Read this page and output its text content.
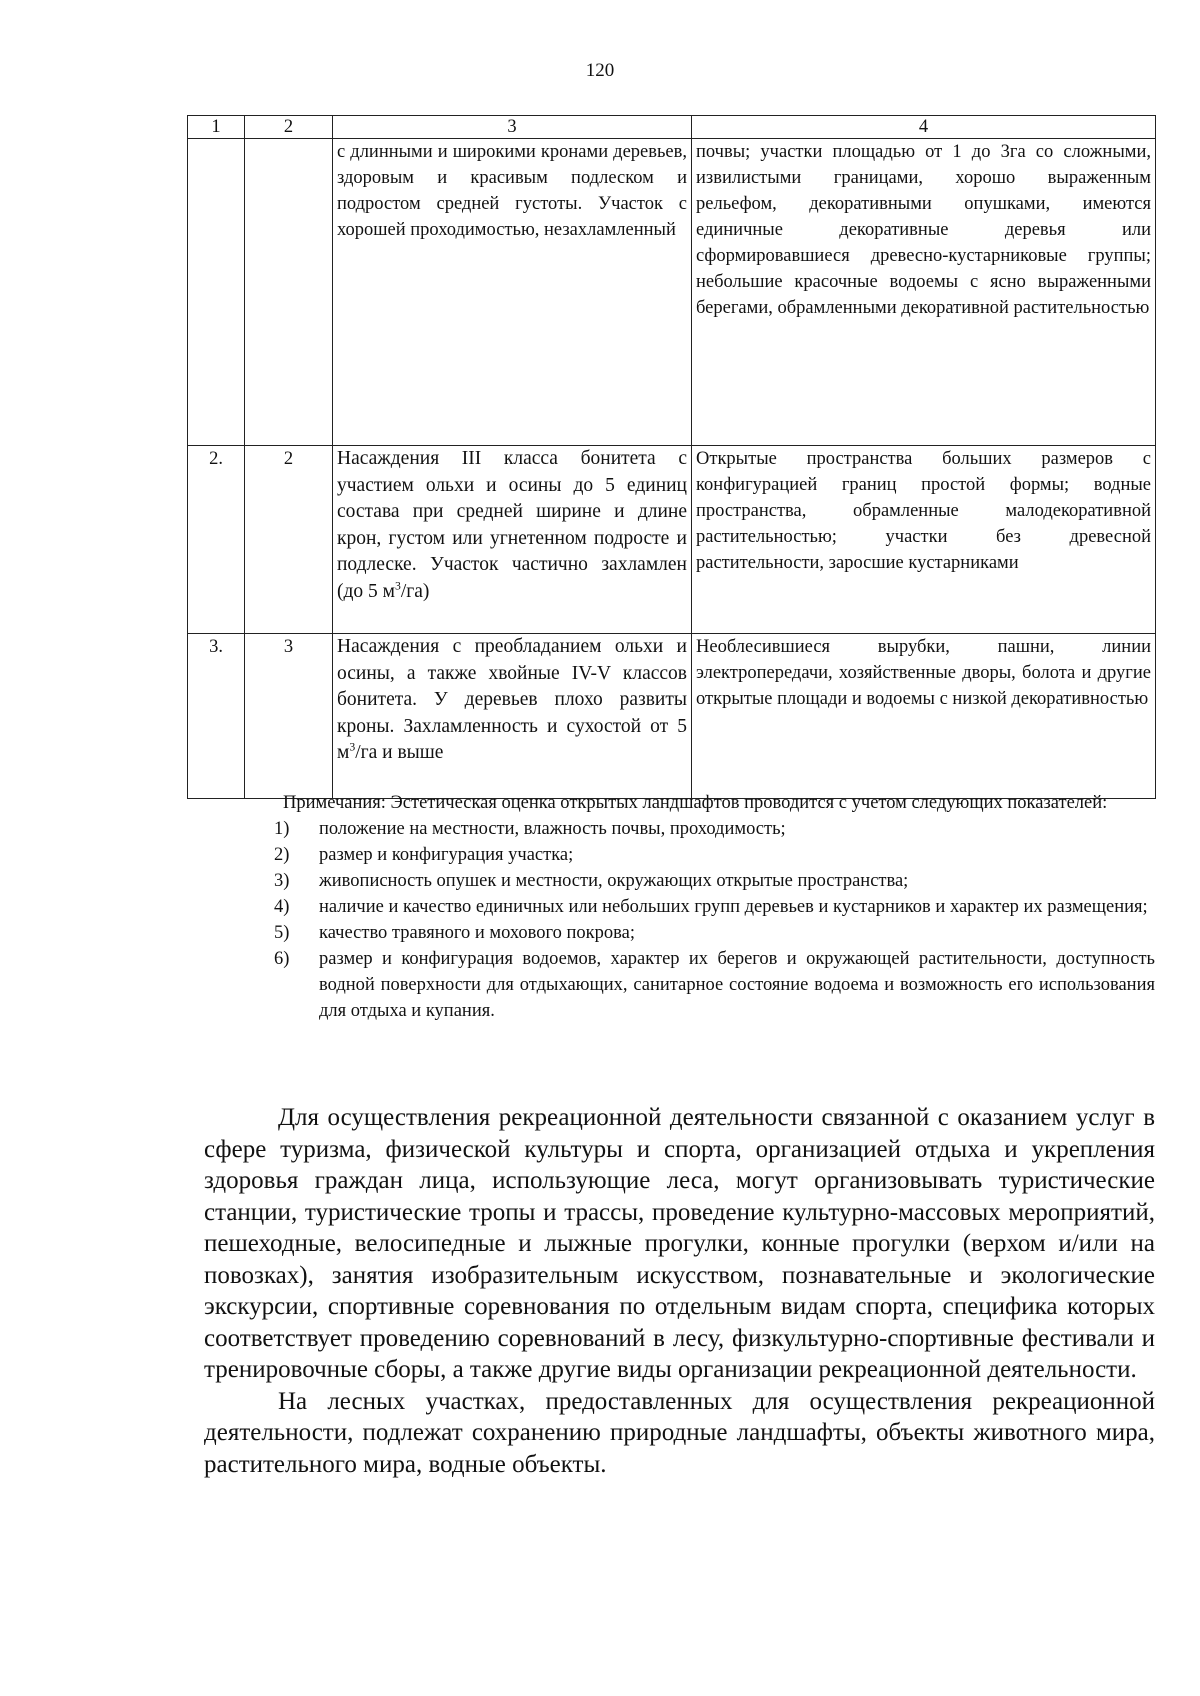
120
1	2	3	4
		с длинными и широкими кронами деревьев, здоровым и красивым подлеском и подростом средней густоты. Участок с хорошей проходимостью, незахламленный	почвы; участки площадью от 1 до 3га со сложными, извилистыми границами, хорошо выраженным рельефом, декоративными опушками, имеются единичные декоративные деревья или сформировавшиеся древесно-кустарниковые группы; небольшие красочные водоемы с ясно выраженными берегами, обрамленными декоративной растительностью
2.	2	Насаждения III класса бонитета с участием ольхи и осины до 5 единиц состава при средней ширине и длине крон, густом или угнетенном подросте и подлеске. Участок частично захламлен (до 5 $м^3/га$)	Открытые пространства больших размеров с конфигурацией границ простой формы; водные пространства, обрамленные малодекоративной растительностью; участки без древесной растительности, заросшие кустарниками
3.	3	Насаждения с преобладанием ольхи и осины, а также хвойные IV-V классов бонитета. У деревьев плохо развиты кроны. Захламленность и сухостой от 5 $м^3/га$ и выше	Необлесившиеся вырубки, пашни, линии электропередачи, хозяйственные дворы, болота и другие открытые площади и водоемы с низкой декоративностью

Примечания: Эстетическая оценка открытых ландшафтов проводится с учетом следующих показателей:

1) положение на местности, влажность почвы, проходимость;
2) размер и конфигурация участка;
3) живописность опушек и местности, окружающих открытые пространства;
4) наличие и качество единичных или небольших групп деревьев и кустарников и характер их размещения;
5) качество травяного и мохового покрова;
6) размер и конфигурация водоемов, характер их берегов и окружающей растительности, доступность водной поверхности для отдыхающих, санитарное состояние водоема и возможность его использования для отдыха и купания.

Для осуществления рекреационной деятельности связанной с оказанием услуг в сфере туризма, физической культуры и спорта, организацией отдыха и укрепления здоровья граждан лица, использующие леса, могут организовывать туристические станции, туристические тропы и трассы, проведение культурно-массовых мероприятий, пешеходные, велосипедные и лыжные прогулки, конные прогулки (верхом и/или на повозках), занятия изобразительным искусством, познавательные и экологические экскурсии, спортивные соревнования по отдельным видам спорта, специфика которых соответствует проведению соревнований в лесу, физкультурно-спортивные фестивали и тренировочные сборы, а также другие виды организации рекреационной деятельности.

На лесных участках, предоставленных для осуществления рекреационной деятельности, подлежат сохранению природные ландшафты, объекты животного мира, растительного мира, водные объекты.
